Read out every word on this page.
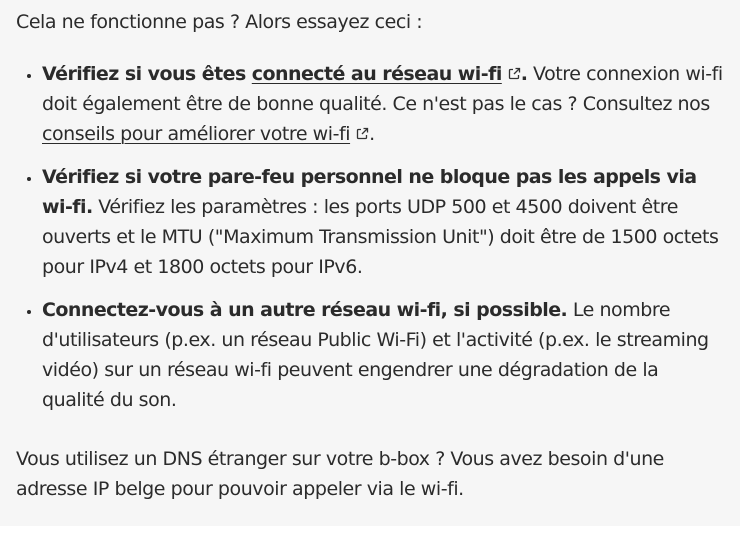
Cela ne fonctionne pas ? Alors essayez ceci :

• Vérifiez si vous êtes connecté au réseau wi-fi . Votre connexion wi-fi doit également être de bonne qualité. Ce n'est pas le cas ? Consultez nos conseils pour améliorer votre wi-fi .
• Vérifiez si votre pare-feu personnel ne bloque pas les appels via wi-fi. Vérifiez les paramètres : les ports UDP 500 et 4500 doivent être ouverts et le MTU ("Maximum Transmission Unit") doit être de 1500 octets pour IPv4 et 1800 octets pour IPv6.
• Connectez-vous à un autre réseau wi-fi, si possible. Le nombre d'utilisateurs (p.ex. un réseau Public Wi-Fi) et l'activité (p.ex. le streaming vidéo) sur un réseau wi-fi peuvent engendrer une dégradation de la qualité du son.

Vous utilisez un DNS étranger sur votre b-box ? Vous avez besoin d'une adresse IP belge pour pouvoir appeler via le wi-fi.
